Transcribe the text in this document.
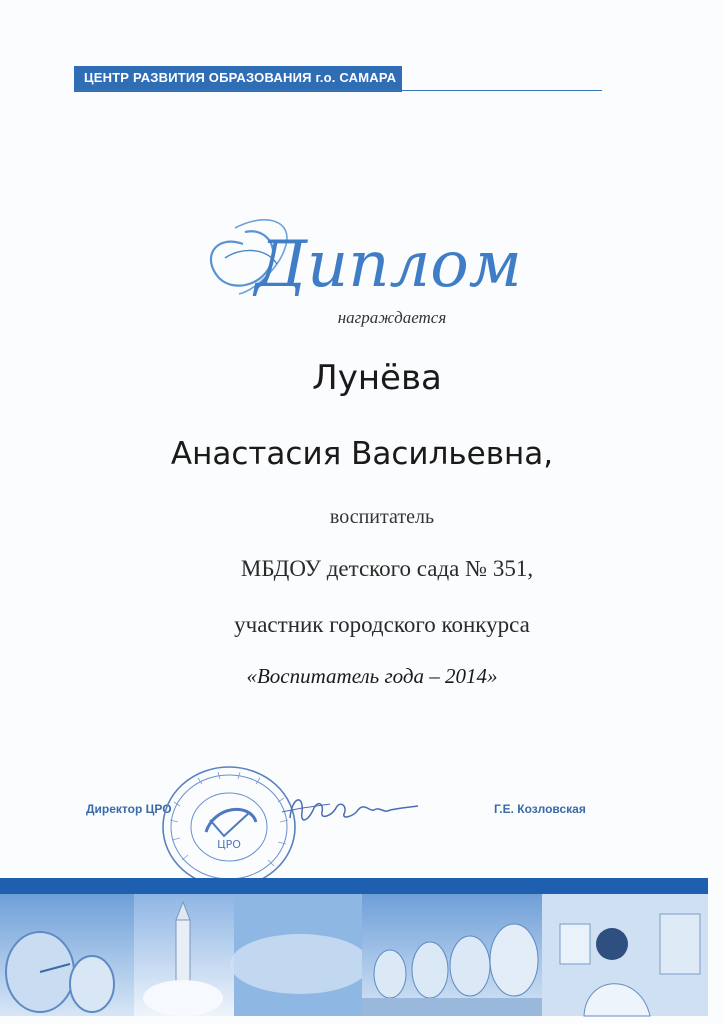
ЦЕНТР РАЗВИТИЯ ОБРАЗОВАНИЯ г.о. САМАРА
Диплом
награждается
Лунёва
Анастасия Васильевна,
воспитатель
МБДОУ детского сада № 351,
участник городского конкурса
«Воспитатель года – 2014»
Директор ЦРО
ЦРО
Г.Е. Козловская
